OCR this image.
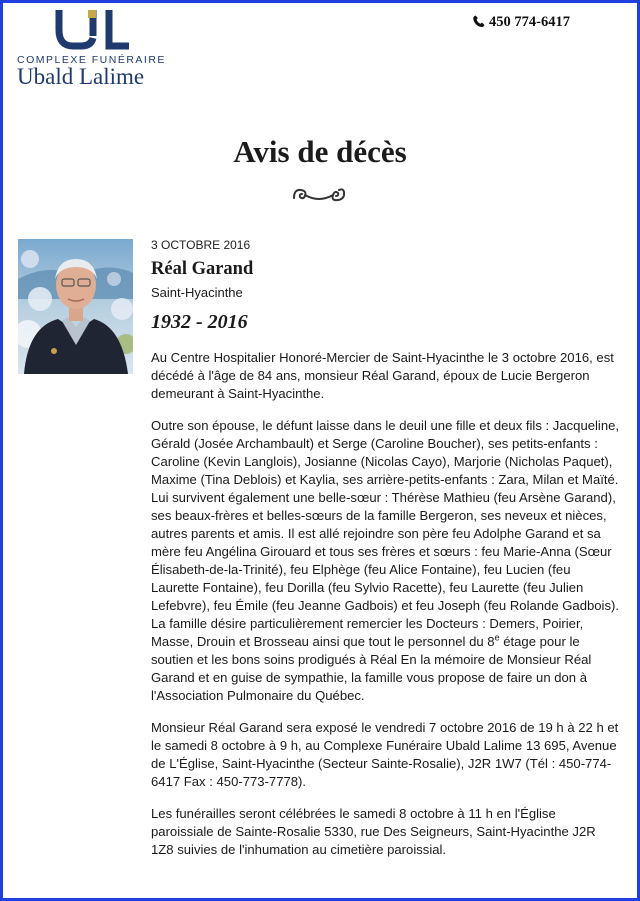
COMPLEXE FUNÉRAIRE
Ubald Lalime
450 774-6417
Avis de décès
3 OCTOBRE 2016
Réal Garand
Saint-Hyacinthe
1932 - 2016

Au Centre Hospitalier Honoré-Mercier de Saint-Hyacinthe le 3 octobre 2016, est décédé à l'âge de 84 ans, monsieur Réal Garand, époux de Lucie Bergeron demeurant à Saint-Hyacinthe.

Outre son épouse, le défunt laisse dans le deuil une fille et deux fils : Jacqueline, Gérald (Josée Archambault) et Serge (Caroline Boucher), ses petits-enfants : Caroline (Kevin Langlois), Josianne (Nicolas Cayo), Marjorie (Nicholas Paquet), Maxime (Tina Deblois) et Kaylia, ses arrière-petits-enfants : Zara, Milan et Maïté. Lui survivent également une belle-sœur : Thérèse Mathieu (feu Arsène Garand), ses beaux-frères et belles-sœurs de la famille Bergeron, ses neveux et nièces, autres parents et amis. Il est allé rejoindre son père feu Adolphe Garand et sa mère feu Angélina Girouard et tous ses frères et sœurs : feu Marie-Anna (Sœur Élisabeth-de-la-Trinité), feu Elphège (feu Alice Fontaine), feu Lucien (feu Laurette Fontaine), feu Dorilla (feu Sylvio Racette), feu Laurette (feu Julien Lefebvre), feu Émile (feu Jeanne Gadbois) et feu Joseph (feu Rolande Gadbois). La famille désire particulièrement remercier les Docteurs : Demers, Poirier, Masse, Drouin et Brosseau ainsi que tout le personnel du 8e étage pour le soutien et les bons soins prodigués à Réal En la mémoire de Monsieur Réal Garand et en guise de sympathie, la famille vous propose de faire un don à l'Association Pulmonaire du Québec.

Monsieur Réal Garand sera exposé le vendredi 7 octobre 2016 de 19 h à 22 h et le samedi 8 octobre à 9 h, au Complexe Funéraire Ubald Lalime 13 695, Avenue de L'Église, Saint-Hyacinthe (Secteur Sainte-Rosalie), J2R 1W7 (Tél : 450-774-6417 Fax : 450-773-7778).

Les funérailles seront célébrées le samedi 8 octobre à 11 h en l'Église paroissiale de Sainte-Rosalie 5330, rue Des Seigneurs, Saint-Hyacinthe J2R 1Z8 suivies de l'inhumation au cimetière paroissial.
